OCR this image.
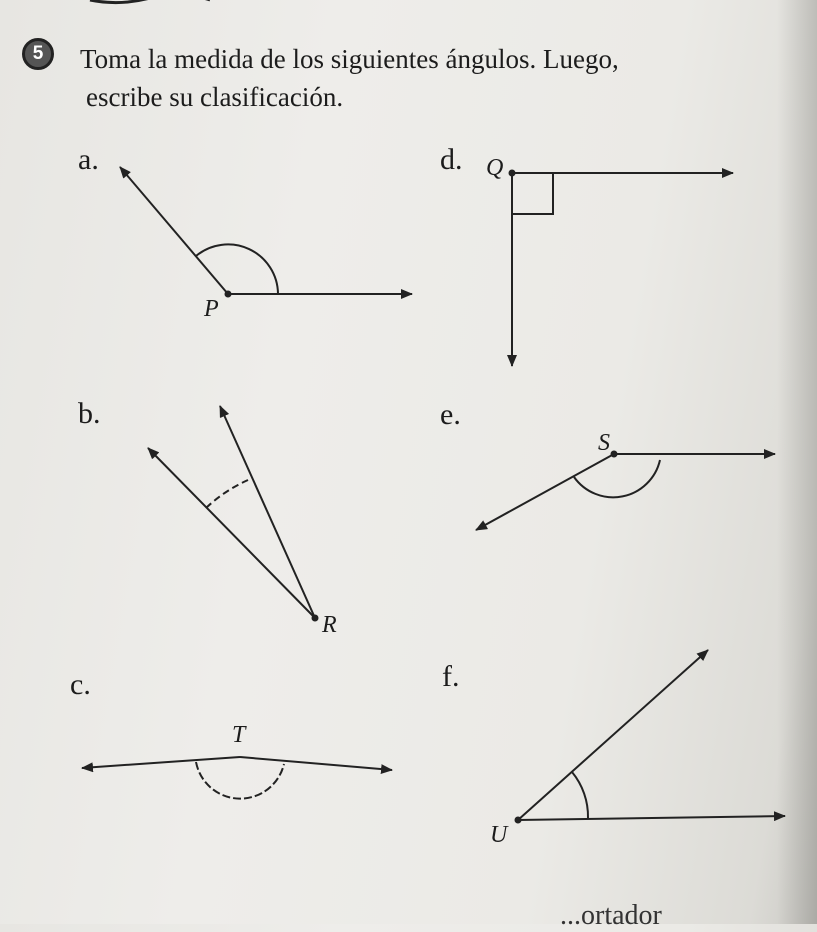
5	Toma la medida de los siguientes ángulos. Luego,
escribe su clasificación.
a.
b.
c.
d.
e.
f.
P
R
T
Q
S
U
...ortador
